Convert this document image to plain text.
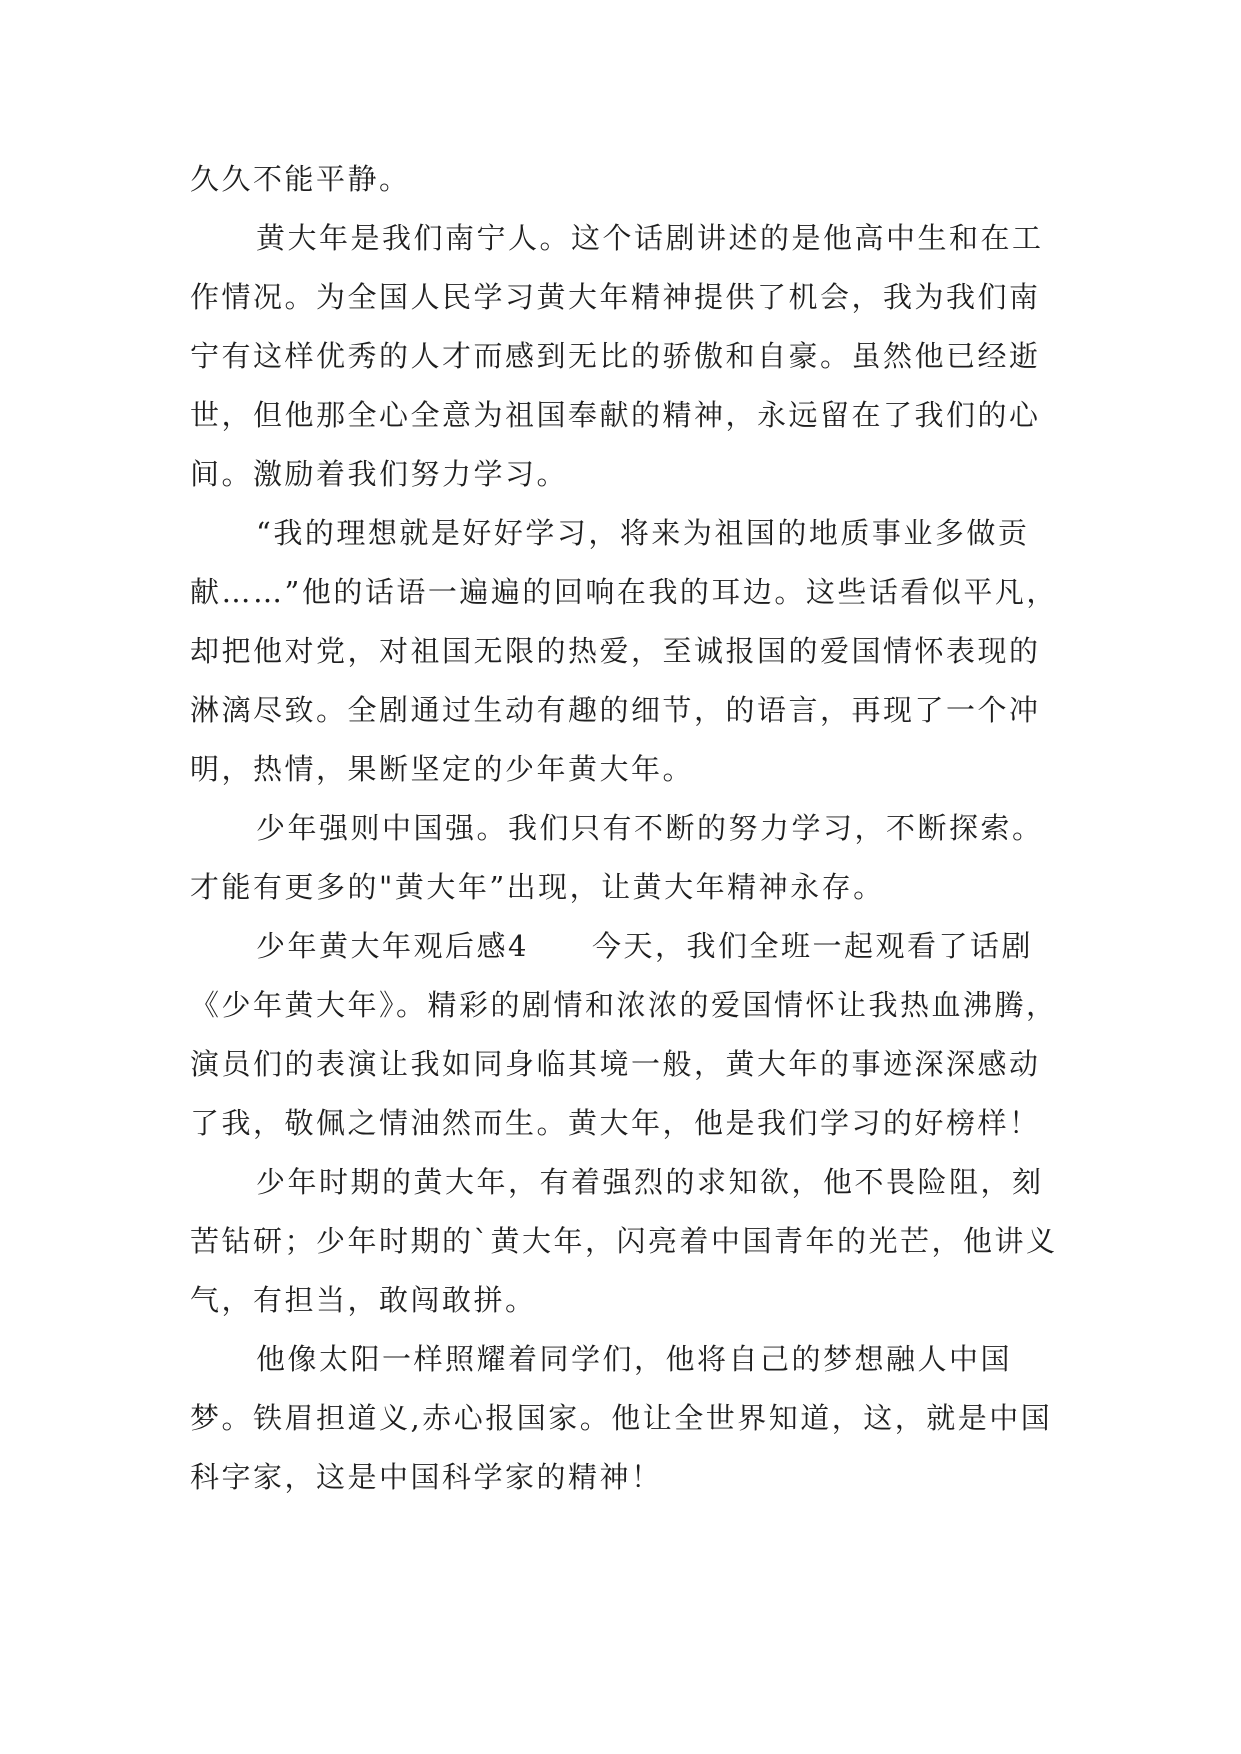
久久不能平静。

黄大年是我们南宁人。这个话剧讲述的是他高中生和在工作情况。为全国人民学习黄大年精神提供了机会，我为我们南宁有这样优秀的人才而感到无比的骄傲和自豪。虽然他已经逝世，但他那全心全意为祖国奉献的精神，永远留在了我们的心间。激励着我们努力学习。

“我的理想就是好好学习，将来为祖国的地质事业多做贡献……”他的话语一遍遍的回响在我的耳边。这些话看似平凡，却把他对党，对祖国无限的热爱，至诚报国的爱国情怀表现的淋漓尽致。全剧通过生动有趣的细节，的语言，再现了一个冲明，热情，果断坚定的少年黄大年。

少年强则中国强。我们只有不断的努力学习，不断探索。才能有更多的"黄大年”出现，让黄大年精神永存。

少年黄大年观后感4　　今天，我们全班一起观看了话剧《少年黄大年》。精彩的剧情和浓浓的爱国情怀让我热血沸腾，演员们的表演让我如同身临其境一般，黄大年的事迹深深感动了我，敬佩之情油然而生。黄大年，他是我们学习的好榜样！

少年时期的黄大年，有着强烈的求知欲，他不畏险阻，刻苦钻研；少年时期的`黄大年，闪亮着中国青年的光芒，他讲义气，有担当，敢闯敢拼。

他像太阳一样照耀着同学们，他将自己的梦想融人中国梦。铁眉担道义,赤心报国家。他让全世界知道，这，就是中国科字家，这是中国科学家的精神！
